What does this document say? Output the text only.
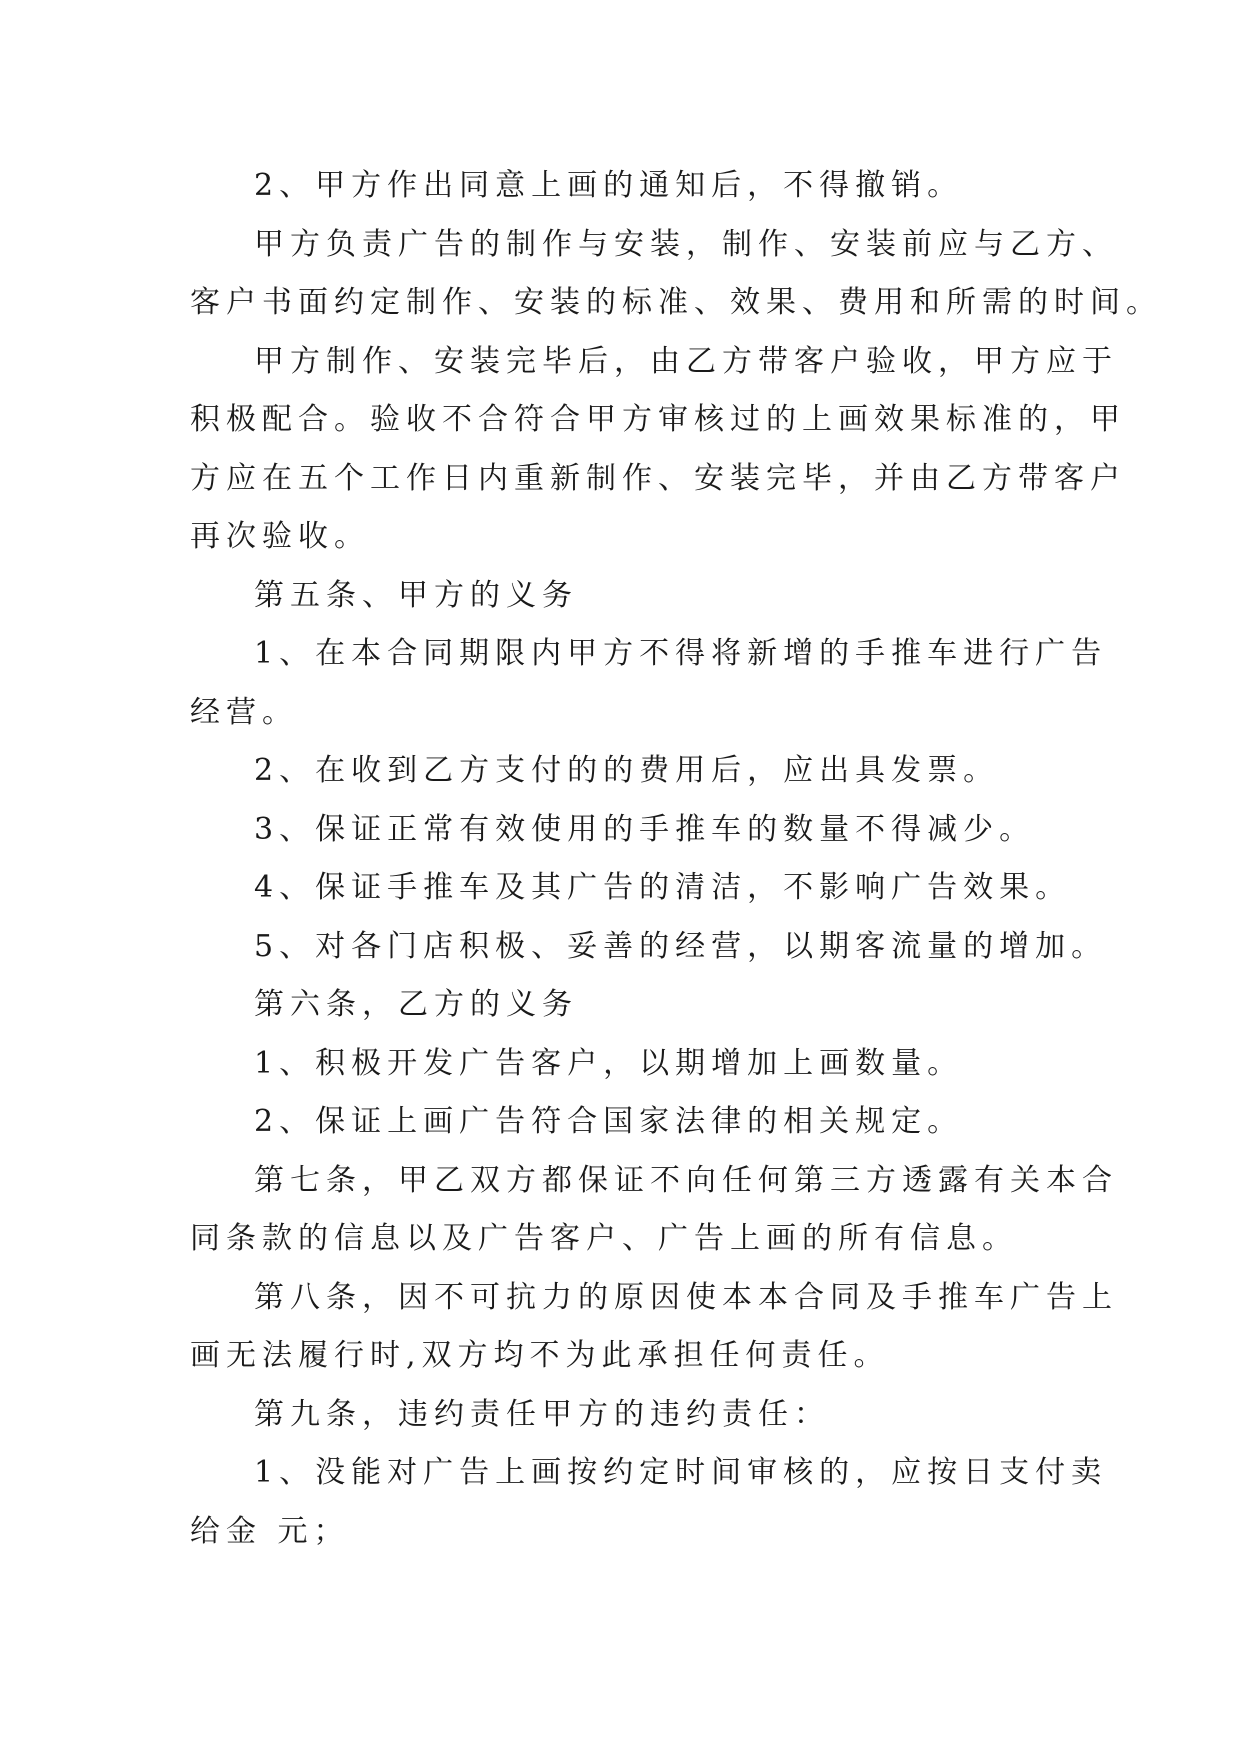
2、甲方作出同意上画的通知后，不得撤销。
甲方负责广告的制作与安装，制作、安装前应与乙方、
客户书面约定制作、安装的标准、效果、费用和所需的时间。
甲方制作、安装完毕后，由乙方带客户验收，甲方应于
积极配合。验收不合符合甲方审核过的上画效果标准的，甲
方应在五个工作日内重新制作、安装完毕，并由乙方带客户
再次验收。
第五条、甲方的义务
1、在本合同期限内甲方不得将新增的手推车进行广告
经营。
2、在收到乙方支付的的费用后，应出具发票。
3、保证正常有效使用的手推车的数量不得减少。
4、保证手推车及其广告的清洁，不影响广告效果。
5、对各门店积极、妥善的经营，以期客流量的增加。
第六条，乙方的义务
1、积极开发广告客户，以期增加上画数量。
2、保证上画广告符合国家法律的相关规定。
第七条，甲乙双方都保证不向任何第三方透露有关本合
同条款的信息以及广告客户、广告上画的所有信息。
第八条，因不可抗力的原因使本本合同及手推车广告上
画无法履行时,双方均不为此承担任何责任。
第九条，违约责任甲方的违约责任：
1、没能对广告上画按约定时间审核的，应按日支付卖
给金 元；
